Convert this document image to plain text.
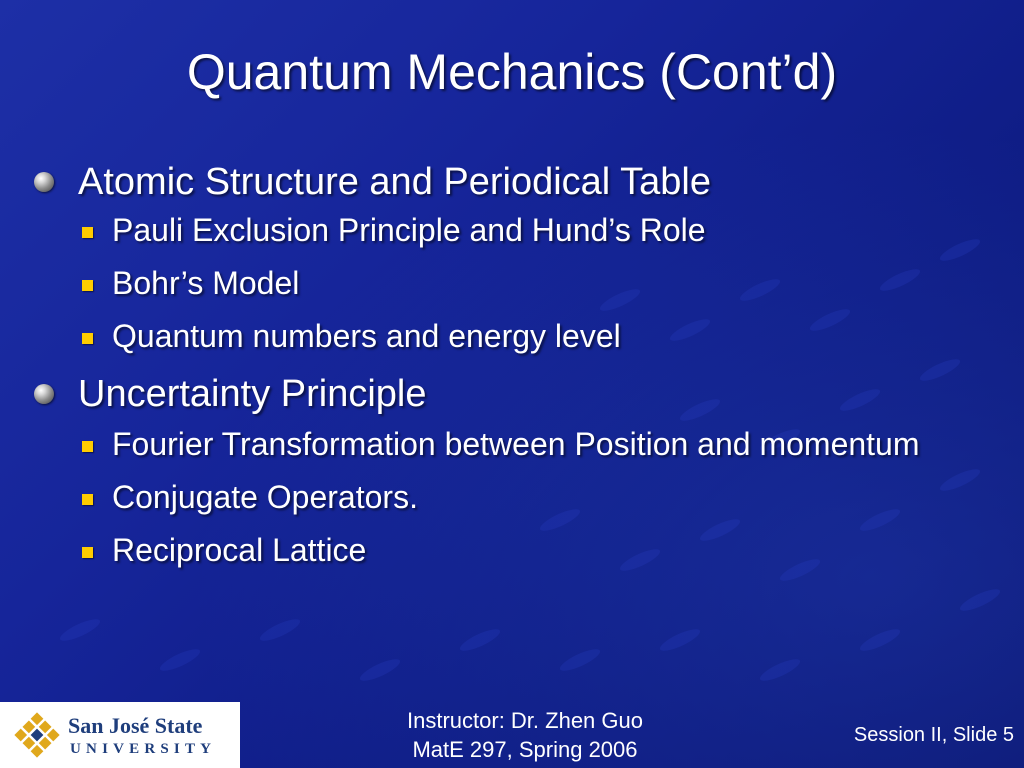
Quantum Mechanics (Cont’d)

Atomic Structure and Periodical Table

Pauli Exclusion Principle and Hund’s Role

Bohr’s Model

Quantum numbers and energy level

Uncertainty Principle

Fourier Transformation between Position and momentum

Conjugate Operators.

Reciprocal Lattice

San José State
UNIVERSITY
Instructor: Dr. Zhen Guo
MatE 297, Spring 2006
Session II, Slide 5
